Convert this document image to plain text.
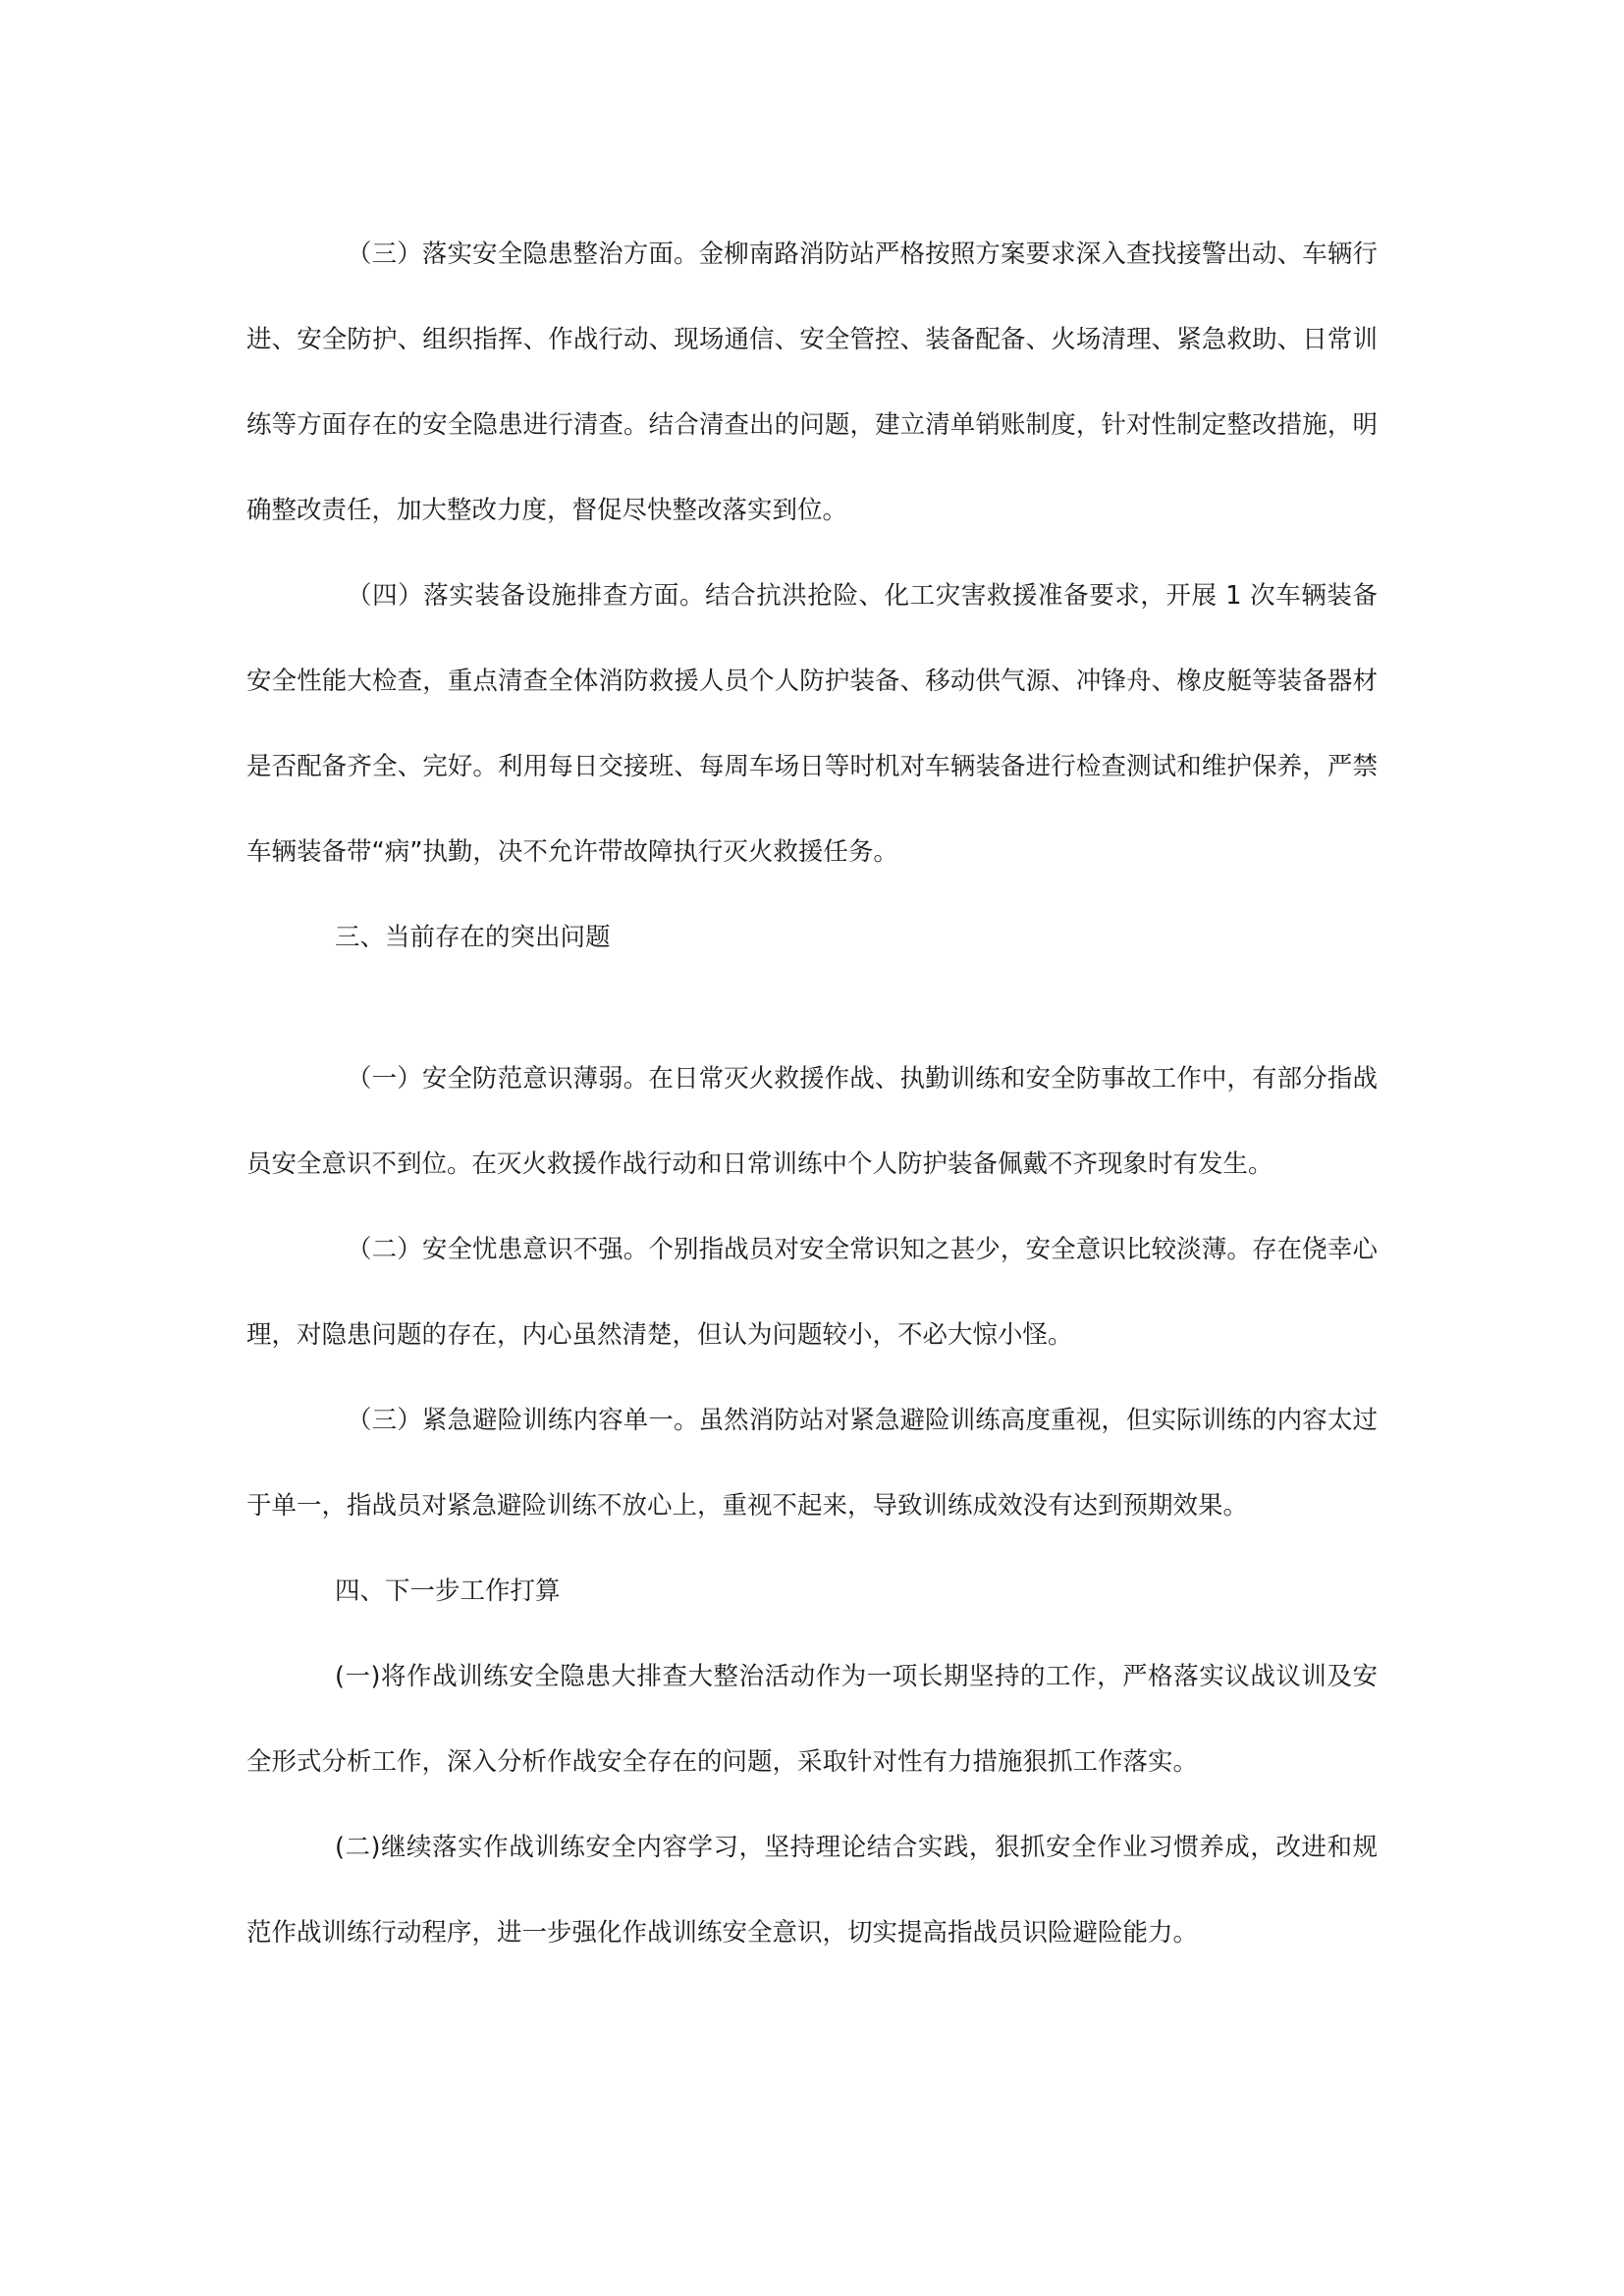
（三）落实安全隐患整治方面。金柳南路消防站严格按照方案要求深入查找接警出动、车辆行进、安全防护、组织指挥、作战行动、现场通信、安全管控、装备配备、火场清理、紧急救助、日常训练等方面存在的安全隐患进行清查。结合清查出的问题，建立清单销账制度，针对性制定整改措施，明确整改责任，加大整改力度，督促尽快整改落实到位。

（四）落实装备设施排查方面。结合抗洪抢险、化工灾害救援准备要求，开展 1 次车辆装备安全性能大检查，重点清查全体消防救援人员个人防护装备、移动供气源、冲锋舟、橡皮艇等装备器材是否配备齐全、完好。利用每日交接班、每周车场日等时机对车辆装备进行检查测试和维护保养，严禁车辆装备带“病”执勤，决不允许带故障执行灭火救援任务。

三、当前存在的突出问题

（一）安全防范意识薄弱。在日常灭火救援作战、执勤训练和安全防事故工作中，有部分指战员安全意识不到位。在灭火救援作战行动和日常训练中个人防护装备佩戴不齐现象时有发生。

（二）安全忧患意识不强。个别指战员对安全常识知之甚少，安全意识比较淡薄。存在侥幸心理，对隐患问题的存在，内心虽然清楚，但认为问题较小，不必大惊小怪。

（三）紧急避险训练内容单一。虽然消防站对紧急避险训练高度重视，但实际训练的内容太过于单一，指战员对紧急避险训练不放心上，重视不起来，导致训练成效没有达到预期效果。

四、下一步工作打算

(一)将作战训练安全隐患大排查大整治活动作为一项长期坚持的工作，严格落实议战议训及安全形式分析工作，深入分析作战安全存在的问题，采取针对性有力措施狠抓工作落实。

(二)继续落实作战训练安全内容学习，坚持理论结合实践，狠抓安全作业习惯养成，改进和规范作战训练行动程序，进一步强化作战训练安全意识，切实提高指战员识险避险能力。
